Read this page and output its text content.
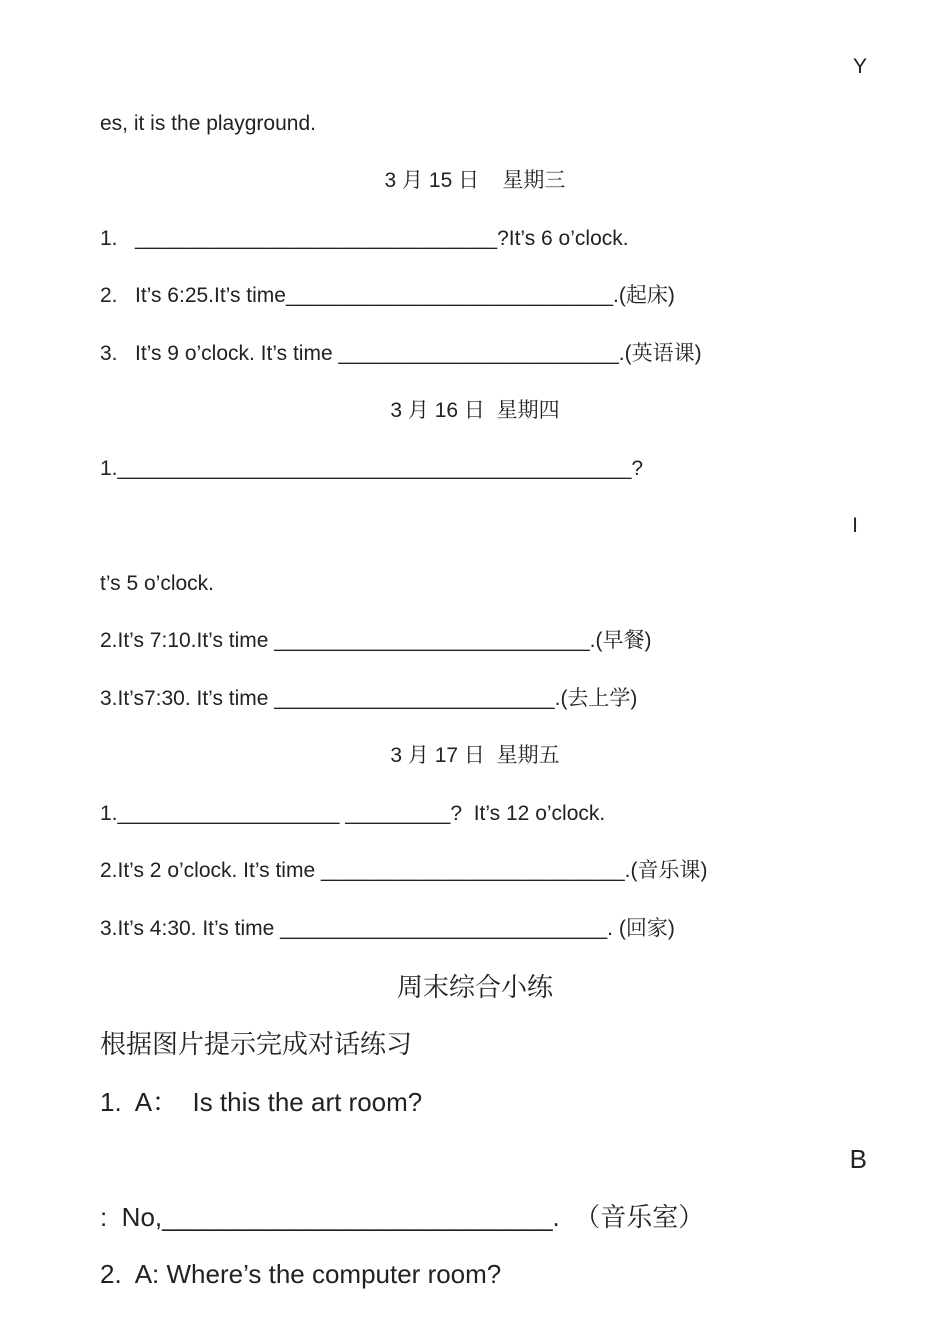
Y
es, it is the playground.
3 月 15 日    星期三
1.   _______________________________?It’s 6 o’clock.
2.   It’s 6:25.It’s time____________________________.(起床)
3.   It’s 9 o’clock. It’s time ________________________.(英语课)
3 月 16 日  星期四
1.____________________________________________?
I
t’s 5 o’clock.
2.It’s 7:10.It’s time ___________________________.(早餐)
3.It’s7:30. It’s time ________________________.(去上学)
3 月 17 日  星期五
1.___________________ _________?  It’s 12 o’clock.
2.It’s 2 o’clock. It’s time __________________________.(音乐课)
3.It’s 4:30. It’s time ____________________________. (回家)
周末综合小练
根据图片提示完成对话练习
1.  A：  Is this the art room?
B
:  No,___________________________.  （音乐室）
2.  A: Where’s the computer room?
